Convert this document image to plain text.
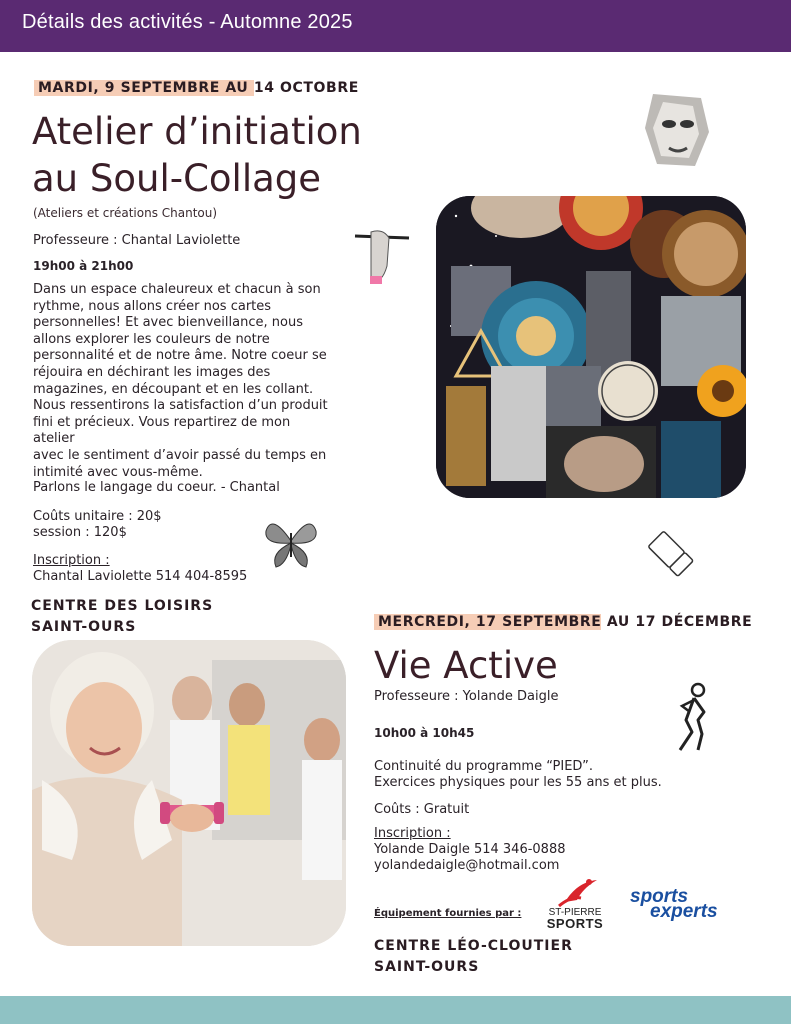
Détails des activités - Automne 2025
MARDI, 9 SEPTEMBRE AU 14 OCTOBRE
Atelier d’initiation
au Soul-Collage
(Ateliers et créations Chantou)
Professeure : Chantal Laviolette
19h00 à 21h00
Dans un espace chaleureux et chacun à son
rythme, nous allons créer nos cartes
personnelles! Et avec bienveillance, nous
allons explorer les couleurs de notre
personnalité et de notre âme. Notre coeur se
réjouira en déchirant les images des
magazines, en découpant et en les collant.
Nous ressentirons la satisfaction d’un produit
fini et précieux. Vous repartirez de mon atelier
avec le sentiment d’avoir passé du temps en
intimité avec vous-même.
Parlons le langage du coeur. - Chantal
Coûts unitaire : 20$
session : 120$
Inscription :
Chantal Laviolette 514 404-8595
CENTRE DES LOISIRS
SAINT-OURS	MERCREDI, 17 SEPTEMBRE AU 17 DÉCEMBRE
Vie Active
Professeure : Yolande Daigle
10h00 à 10h45
Continuité du programme “PIED”.
Exercices physiques pour les 55 ans et plus.
Coûts : Gratuit
Inscription :
Yolande Daigle 514 346-0888
yolandedaigle@hotmail.com
Équipement fournies par :
CENTRE LÉO-CLOUTIER
SAINT-OURS
ST-PIERRE
SPORTS
sports
experts
